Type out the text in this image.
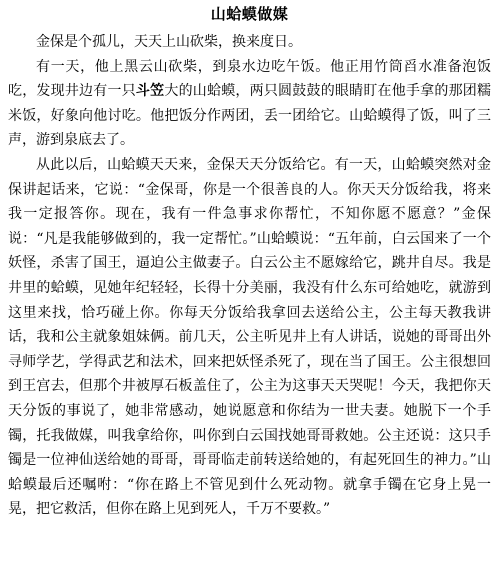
山蛤蟆做媒

金保是个孤儿，天天上山砍柴，换来度日。

有一天，他上黑云山砍柴，到泉水边吃午饭。他正用竹筒舀水准备泡饭吃，发现井边有一只斗笠大的山蛤蟆，两只圆鼓鼓的眼睛盯在他手拿的那团糯米饭，好象向他讨吃。他把饭分作两团，丢一团给它。山蛤蟆得了饭，叫了三声，游到泉底去了。

从此以后，山蛤蟆天天来，金保天天分饭给它。有一天，山蛤蟆突然对金保讲起话来，它说：“金保哥，你是一个很善良的人。你天天分饭给我，将来我一定报答你。现在，我有一件急事求你帮忙，不知你愿不愿意？”金保说：“凡是我能够做到的，我一定帮忙。”山蛤蟆说：“五年前，白云国来了一个妖怪，杀害了国王，逼迫公主做妻子。白云公主不愿嫁给它，跳井自尽。我是井里的蛤蟆，见她年纪轻轻，长得十分美丽，我没有什么东可给她吃，就游到这里来找，恰巧碰上你。你每天分饭给我拿回去送给公主，公主每天教我讲话，我和公主就象姐妹俩。前几天，公主听见井上有人讲话，说她的哥哥出外寻师学艺，学得武艺和法术，回来把妖怪杀死了，现在当了国王。公主很想回到王宫去，但那个井被厚石板盖住了，公主为这事天天哭呢！今天，我把你天天分饭的事说了，她非常感动，她说愿意和你结为一世夫妻。她脱下一个手镯，托我做媒，叫我拿给你，叫你到白云国找她哥哥救她。公主还说：这只手镯是一位神仙送给她的哥哥，哥哥临走前转送给她的，有起死回生的神力。”山蛤蟆最后还嘱咐：“你在路上不管见到什么死动物。就拿手镯在它身上晃一晃，把它救活，但你在路上见到死人，千万不要救。”
